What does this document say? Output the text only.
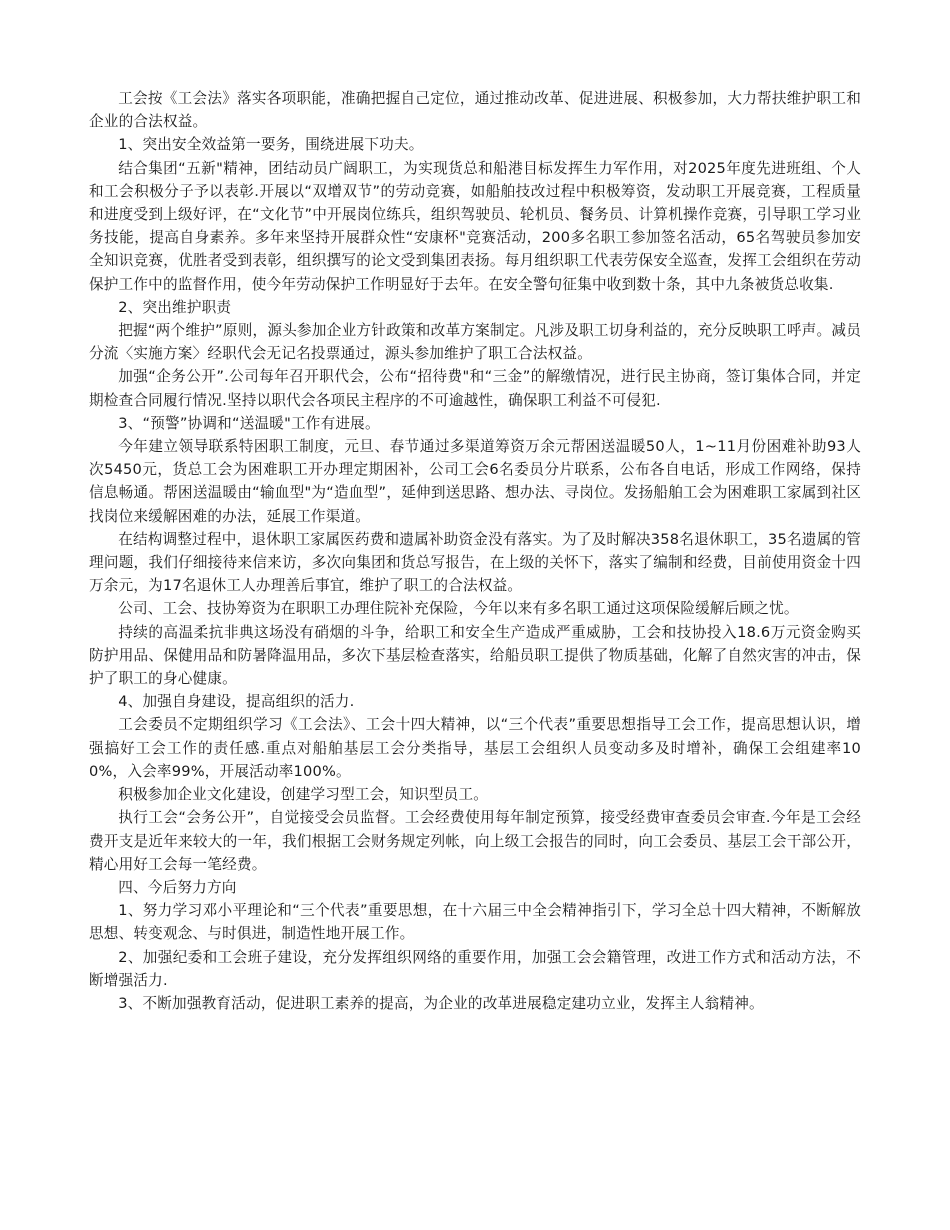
工会按《工会法》落实各项职能，准确把握自己定位，通过推动改革、促进进展、积极参加，大力帮扶维护职工和企业的合法权益。

1、突出安全效益第一要务，围绕进展下功夫。

结合集团“五新"精神，团结动员广阔职工，为实现货总和船港目标发挥生力军作用，对2025年度先进班组、个人和工会积极分子予以表彰.开展以“双增双节”的劳动竞赛，如船舶技改过程中积极筹资，发动职工开展竞赛，工程质量和进度受到上级好评，在“文化节”中开展岗位练兵，组织驾驶员、轮机员、餐务员、计算机操作竞赛，引导职工学习业务技能，提高自身素养。多年来坚持开展群众性“安康杯"竞赛活动，200多名职工参加签名活动，65名驾驶员参加安全知识竞赛，优胜者受到表彰，组织撰写的论文受到集团表扬。每月组织职工代表劳保安全巡查，发挥工会组织在劳动保护工作中的监督作用，使今年劳动保护工作明显好于去年。在安全警句征集中收到数十条，其中九条被货总收集.

2、突出维护职责

把握“两个维护”原则，源头参加企业方针政策和改革方案制定。凡涉及职工切身利益的，充分反映职工呼声。减员分流〈实施方案〉经职代会无记名投票通过，源头参加维护了职工合法权益。

加强“企务公开”.公司每年召开职代会，公布“招待费"和“三金”的解缴情况，进行民主协商，签订集体合同，并定期检查合同履行情况.坚持以职代会各项民主程序的不可逾越性，确保职工利益不可侵犯.

3、“预警”协调和“送温暖"工作有进展。

今年建立领导联系特困职工制度，元旦、春节通过多渠道筹资万余元帮困送温暖50人，1~11月份困难补助93人次5450元，货总工会为困难职工开办理定期困补，公司工会6名委员分片联系，公布各自电话，形成工作网络，保持信息畅通。帮困送温暖由“输血型"为“造血型”，延伸到送思路、想办法、寻岗位。发扬船舶工会为困难职工家属到社区找岗位来缓解困难的办法，延展工作渠道。

在结构调整过程中，退休职工家属医药费和遗属补助资金没有落实。为了及时解决358名退休职工，35名遗属的管理问题，我们仔细接待来信来访，多次向集团和货总写报告，在上级的关怀下，落实了编制和经费，目前使用资金十四万余元，为17名退休工人办理善后事宜，维护了职工的合法权益。

公司、工会、技协筹资为在职职工办理住院补充保险，今年以来有多名职工通过这项保险缓解后顾之忧。

持续的高温柔抗非典这场没有硝烟的斗争，给职工和安全生产造成严重威胁，工会和技协投入18.6万元资金购买防护用品、保健用品和防暑降温用品，多次下基层检查落实，给船员职工提供了物质基础，化解了自然灾害的冲击，保护了职工的身心健康。

4、加强自身建设，提高组织的活力.

工会委员不定期组织学习《工会法》、工会十四大精神，以“三个代表”重要思想指导工会工作，提高思想认识，增强搞好工会工作的责任感.重点对船舶基层工会分类指导，基层工会组织人员变动多及时增补，确保工会组建率100%，入会率99%，开展活动率100%。

积极参加企业文化建设，创建学习型工会，知识型员工。

执行工会“会务公开”，自觉接受会员监督。工会经费使用每年制定预算，接受经费审查委员会审查.今年是工会经费开支是近年来较大的一年，我们根据工会财务规定列帐，向上级工会报告的同时，向工会委员、基层工会干部公开，精心用好工会每一笔经费。

四、今后努力方向

1、努力学习邓小平理论和“三个代表”重要思想，在十六届三中全会精神指引下，学习全总十四大精神，不断解放思想、转变观念、与时俱进，制造性地开展工作。

2、加强纪委和工会班子建设，充分发挥组织网络的重要作用，加强工会会籍管理，改进工作方式和活动方法，不断增强活力.

3、不断加强教育活动，促进职工素养的提高，为企业的改革进展稳定建功立业，发挥主人翁精神。
